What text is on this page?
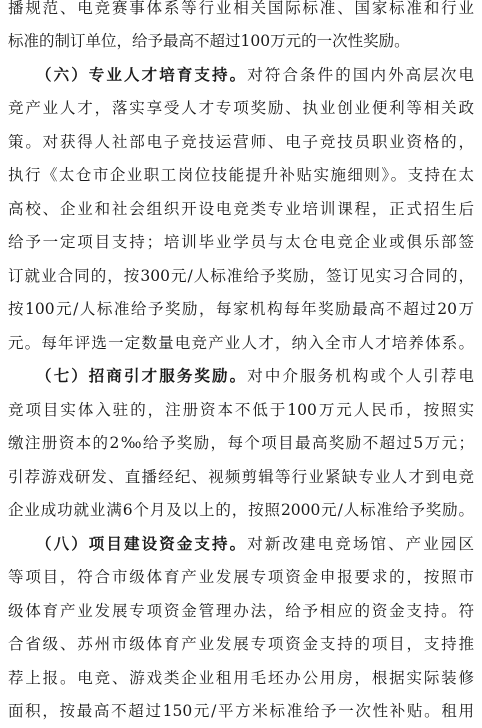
播规范、电竞赛事体系等行业相关国际标准、国家标准和行业
标准的制订单位，给予最高不超过100万元的一次性奖励。
（六）专业人才培育支持。对符合条件的国内外高层次电
竞产业人才，落实享受人才专项奖励、执业创业便利等相关政
策。对获得人社部电子竞技运营师、电子竞技员职业资格的，
执行《太仓市企业职工岗位技能提升补贴实施细则》。支持在太
高校、企业和社会组织开设电竞类专业培训课程，正式招生后
给予一定项目支持；培训毕业学员与太仓电竞企业或俱乐部签
订就业合同的，按300元/人标准给予奖励，签订见实习合同的，
按100元/人标准给予奖励，每家机构每年奖励最高不超过20万
元。每年评选一定数量电竞产业人才，纳入全市人才培养体系。
（七）招商引才服务奖励。对中介服务机构或个人引荐电
竞项目实体入驻的，注册资本不低于100万元人民币，按照实
缴注册资本的2‰给予奖励，每个项目最高奖励不超过5万元；
引荐游戏研发、直播经纪、视频剪辑等行业紧缺专业人才到电竞
企业成功就业满6个月及以上的，按照2000元/人标准给予奖励。
（八）项目建设资金支持。对新改建电竞场馆、产业园区
等项目，符合市级体育产业发展专项资金申报要求的，按照市
级体育产业发展专项资金管理办法，给予相应的资金支持。符
合省级、苏州市级体育产业发展专项资金支持的项目，支持推
荐上报。电竞、游戏类企业租用毛坯办公用房，根据实际装修
面积，按最高不超过150元/平方米标准给予一次性补贴。租用
